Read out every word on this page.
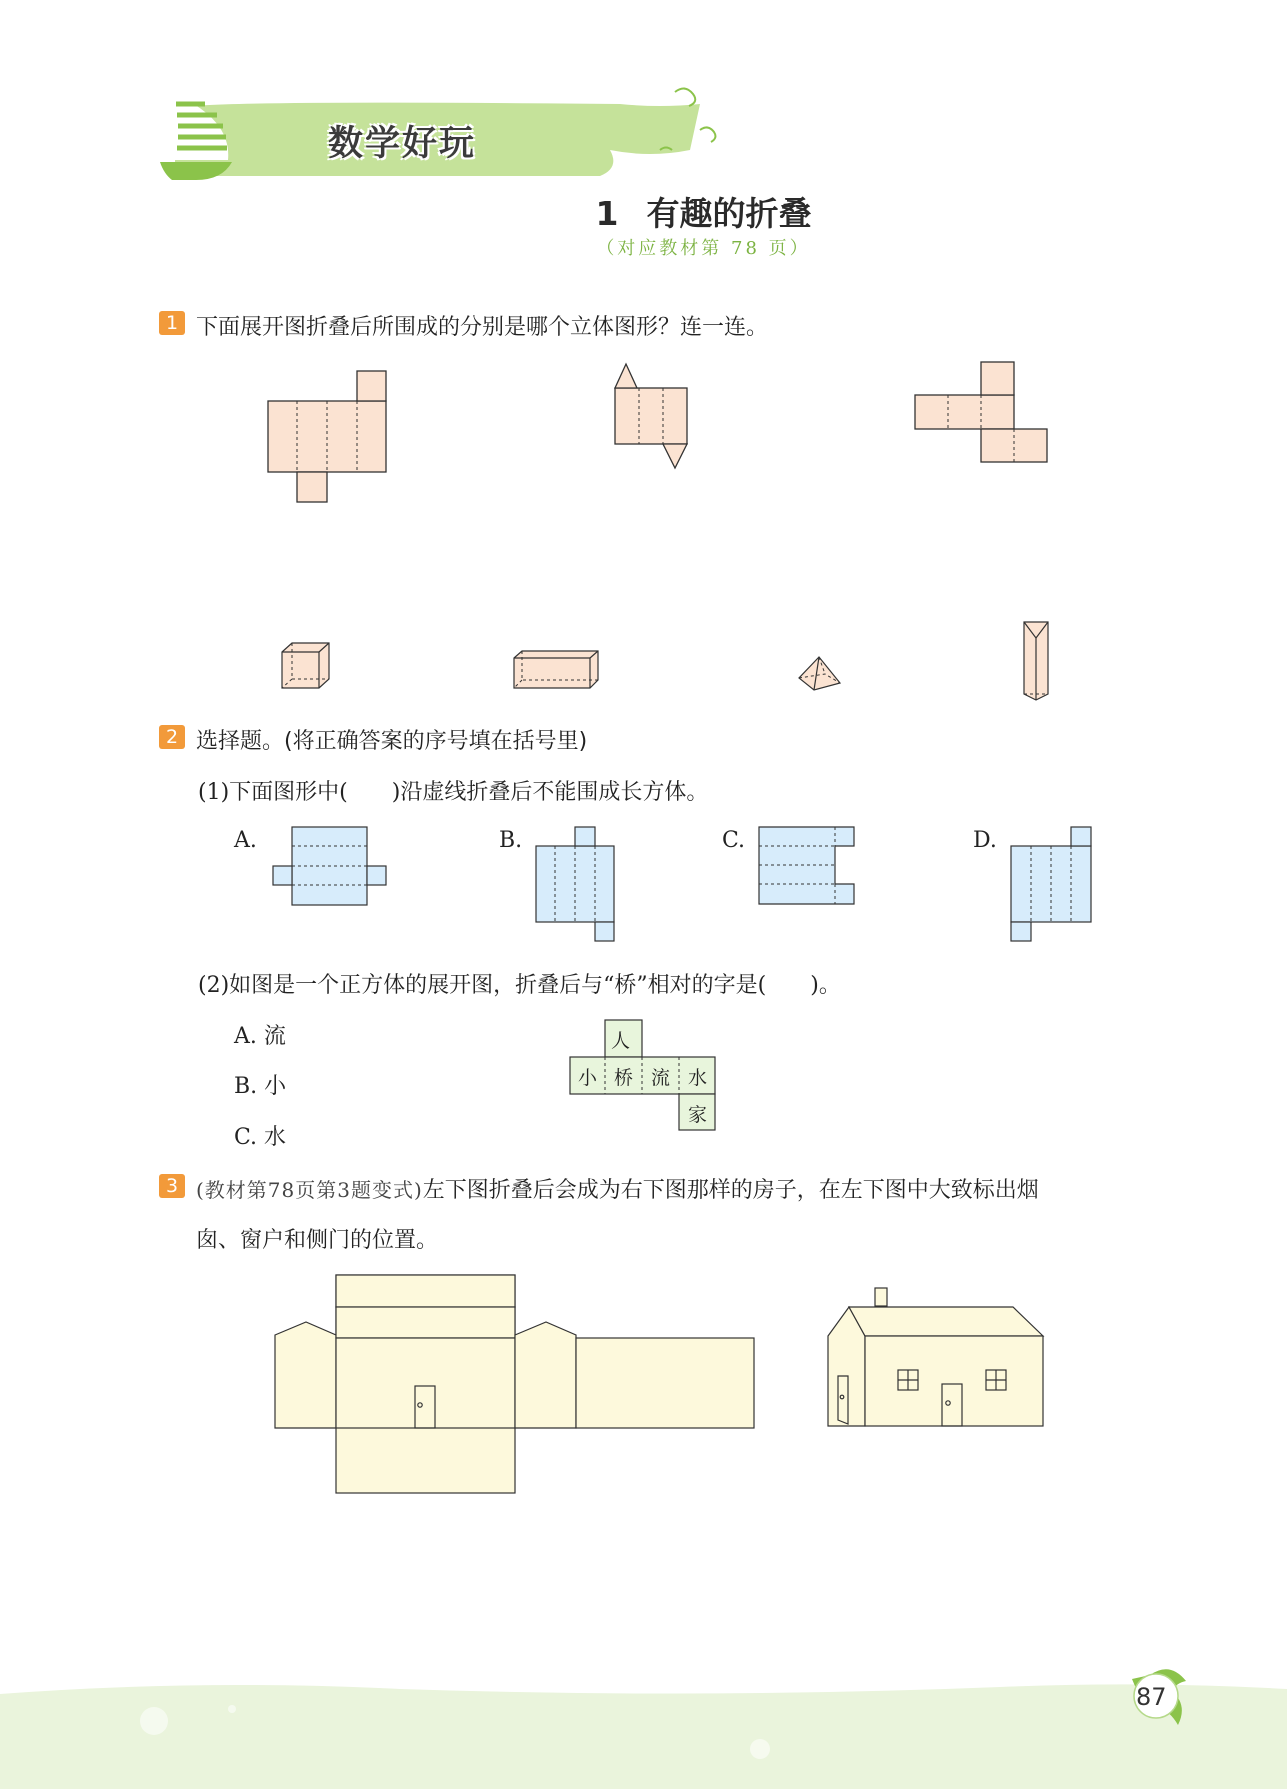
数学好玩
1 有趣的折叠
（对应教材第 78 页）
1 下面展开图折叠后所围成的分别是哪个立体图形？连一连。
2 选择题。(将正确答案的序号填在括号里)
(1)下面图形中(　　)沿虚线折叠后不能围成长方体。
A.	B.	C.	D.
(2)如图是一个正方体的展开图，折叠后与“桥”相对的字是(　　)。
A. 流
B. 小
C. 水
人
小 桥 流 水
家
3 (教材第78页第3题变式)左下图折叠后会成为右下图那样的房子，在左下图中大致标出烟
囱、窗户和侧门的位置。
87
